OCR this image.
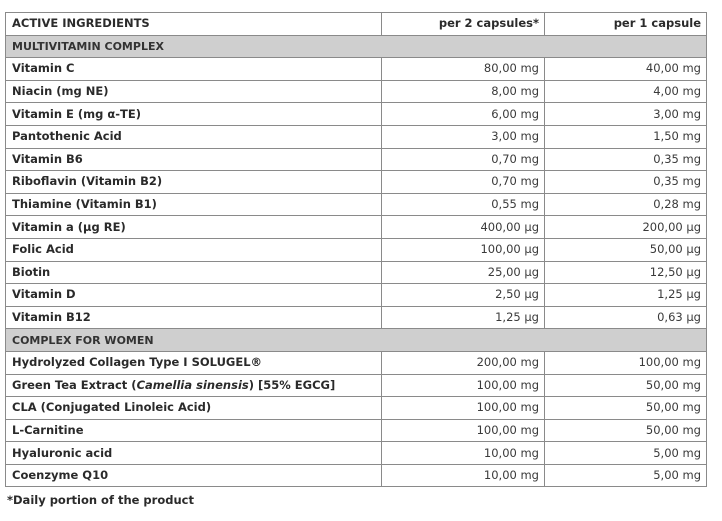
ACTIVE INGREDIENTS	per 2 capsules*	per 1 capsule
MULTIVITAMIN COMPLEX		
Vitamin C	80,00 mg	40,00 mg
Niacin (mg NE)	8,00 mg	4,00 mg
Vitamin E (mg α-TE)	6,00 mg	3,00 mg
Pantothenic Acid	3,00 mg	1,50 mg
Vitamin B6	0,70 mg	0,35 mg
Riboflavin (Vitamin B2)	0,70 mg	0,35 mg
Thiamine (Vitamin B1)	0,55 mg	0,28 mg
Vitamin a (µg RE)	400,00 µg	200,00 µg
Folic Acid	100,00 µg	50,00 µg
Biotin	25,00 µg	12,50 µg
Vitamin D	2,50 µg	1,25 µg
Vitamin B12	1,25 µg	0,63 µg
COMPLEX FOR WOMEN		
Hydrolyzed Collagen Type I SOLUGEL®	200,00 mg	100,00 mg
Green Tea Extract (Camellia sinensis) [55% EGCG]	100,00 mg	50,00 mg
CLA (Conjugated Linoleic Acid)	100,00 mg	50,00 mg
L-Carnitine	100,00 mg	50,00 mg
Hyaluronic acid	10,00 mg	5,00 mg
Coenzyme Q10	10,00 mg	5,00 mg
*Daily portion of the product
